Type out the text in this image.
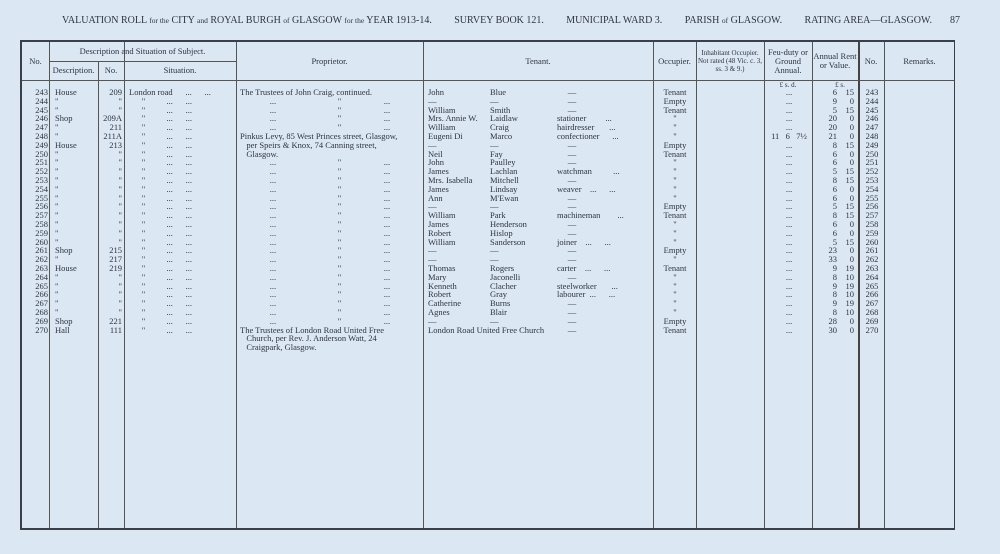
VALUATION ROLL for the CITY and ROYAL BURGH of GLASGOW for the YEAR 1913-14. SURVEY BOOK 121. MUNICIPAL WARD 3. PARISH of GLASGOW. RATING AREA—GLASGOW. 87
No.
Description and Situation of Subject.
Description.	No.	Situation.
Proprietor.	Tenant.	Occupier.
Inhabitant Occupier. Not rated (48 Vic. c. 3, ss. 3 & 9.)
Feu-duty or Ground Annual.
Annual Rent or Value.	No.	Remarks.
£ s. d.	£ s.
243 House	209 London road      ...      ...	The Trustees of John Craig, continued.	John	Blue	—	Tenant	...	6	15	243
244 "	" "          ...      ...	...                             "                    ...	—	—	—	Empty	...	9	0	244
245 "	" "          ...      ...	...                             "                    ...	William	Smith	—	Tenant	...	5	15	245
246 Shop	209A "          ...      ...	...                             "                    ...	Mrs. Annie W.	Laidlaw	stationer         ...	"	...	20	0	246
247 "	211 "          ...      ...	...                             "                    ...	William	Craig	hairdresser       ...	"	...	20	0	247
248 "	211A "          ...      ...	Pinkus Levy, 85 West Princes street, Glasgow,	Eugeni Di	Marco	confectioner      ...	"	11   6   7½	21	0	248
249 House	213 "          ...      ...	per Speirs & Knox, 74 Canning street,	—	—	—	Empty	...	8	15	249
250 "	" "          ...      ...	Glasgow.	Neil	Fay	—	Tenant	...	6	0	250
251 "	" "          ...      ...	...                             "                    ...	John	Paulley	—	"	...	6	0	251
252 "	" "          ...      ...	...                             "                    ...	James	Lachlan	watchman          ...	"	...	5	15	252
253 "	" "          ...      ...	...                             "                    ...	Mrs. Isabella	Mitchell	—	"	...	8	15	253
254 "	" "          ...      ...	...                             "                    ...	James	Lindsay	weaver    ...      ...	"	...	6	0	254
255 "	" "          ...      ...	...                             "                    ...	Ann	M'Ewan	—	"	...	6	0	255
256 "	" "          ...      ...	...                             "                    ...	—	—	—	Empty	...	5	15	256
257 "	" "          ...      ...	...                             "                    ...	William	Park	machineman        ...	Tenant	...	8	15	257
258 "	" "          ...      ...	...                             "                    ...	James	Henderson	—	"	...	6	0	258
259 "	" "          ...      ...	...                             "                    ...	Robert	Hislop	—	"	...	6	0	259
260 "	" "          ...      ...	...                             "                    ...	William	Sanderson	joiner    ...      ...	"	...	5	15	260
261 Shop	215 "          ...      ...	...                             "                    ...	—	—	—	Empty	...	23	0	261
262 "	217 "          ...      ...	...                             "                    ...	—	—	—	"	...	33	0	262
263 House	219 "          ...      ...	...                             "                    ...	Thomas	Rogers	carter    ...      ...	Tenant	...	9	19	263
264 "	" "          ...      ...	...                             "                    ...	Mary	Jaconelli	—	"	...	8	10	264
265 "	" "          ...      ...	...                             "                    ...	Kenneth	Clacher	steelworker       ...	"	...	9	19	265
266 "	" "          ...      ...	...                             "                    ...	Robert	Gray	labourer  ...      ...	"	...	8	10	266
267 "	" "          ...      ...	...                             "                    ...	Catherine	Burns	—	"	...	9	19	267
268 "	" "          ...      ...	...                             "                    ...	Agnes	Blair	—	"	...	8	10	268
269 Shop	221 "          ...      ...	...                             "                    ...	—	—	—	Empty	...	28	0	269
270 Hall	111 "          ...      ...	The Trustees of London Road United Free	London Road United Free Church	—	Tenant	...	30	0	270
Church, per Rev. J. Anderson Watt, 24
Craigpark, Glasgow.
